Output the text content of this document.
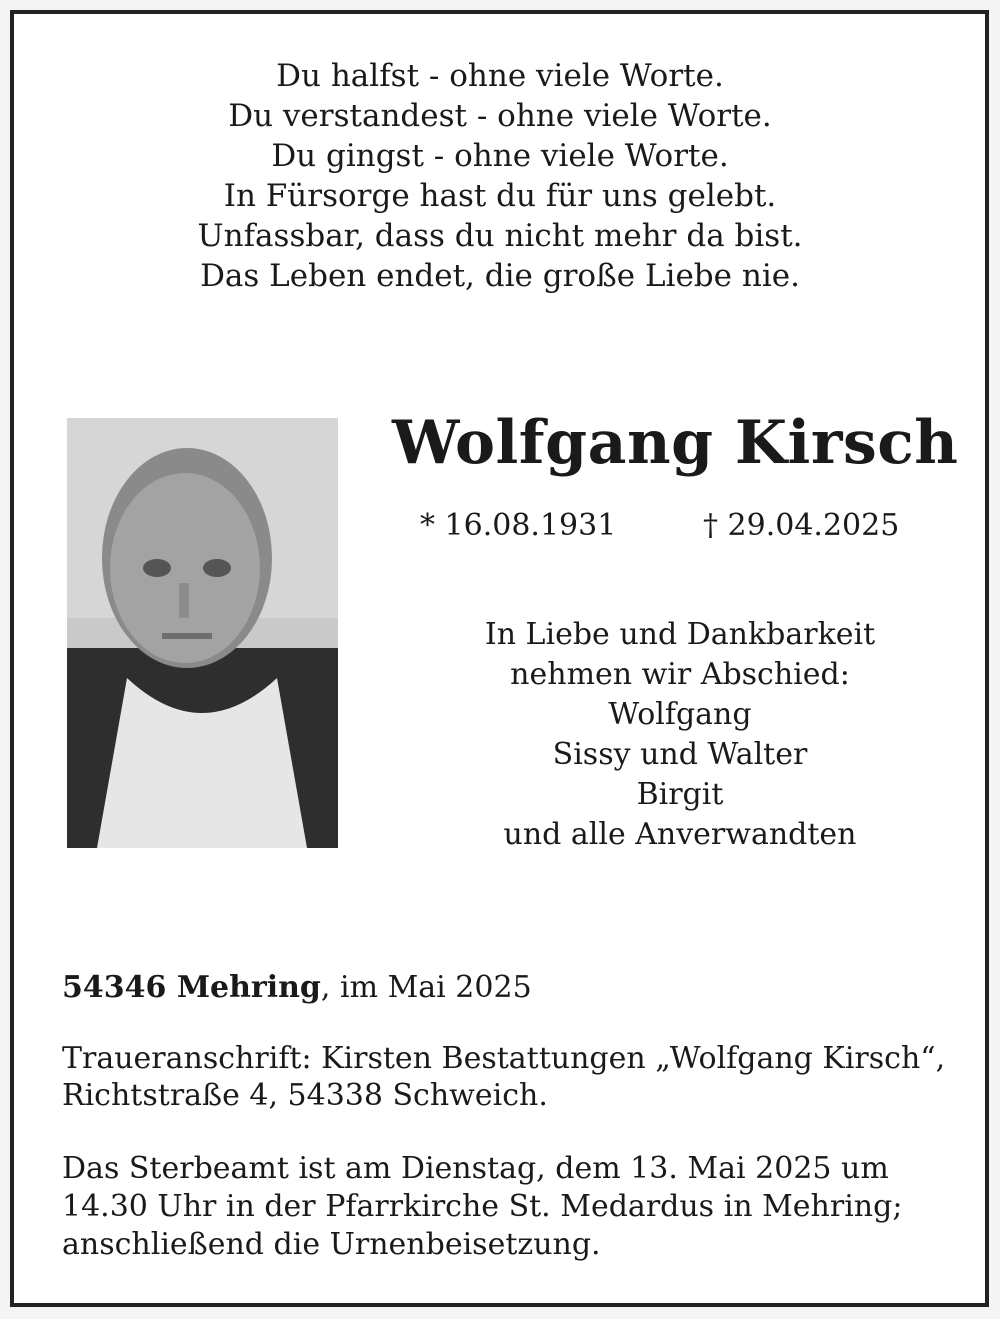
Du halfst - ohne viele Worte.
Du verstandest - ohne viele Worte.
Du gingst - ohne viele Worte.
In Fürsorge hast du für uns gelebt.
Unfassbar, dass du nicht mehr da bist.
Das Leben endet, die große Liebe nie.
Wolfgang Kirsch
* 16.08.1931	† 29.04.2025
In Liebe und Dankbarkeit
nehmen wir Abschied:
Wolfgang
Sissy und Walter
Birgit
und alle Anverwandten
54346 Mehring, im Mai 2025
Traueranschrift: Kirsten Bestattungen „Wolfgang Kirsch“,
Richtstraße 4, 54338 Schweich.
Das Sterbeamt ist am Dienstag, dem 13. Mai 2025 um
14.30 Uhr in der Pfarrkirche St. Medardus in Mehring;
anschließend die Urnenbeisetzung.
